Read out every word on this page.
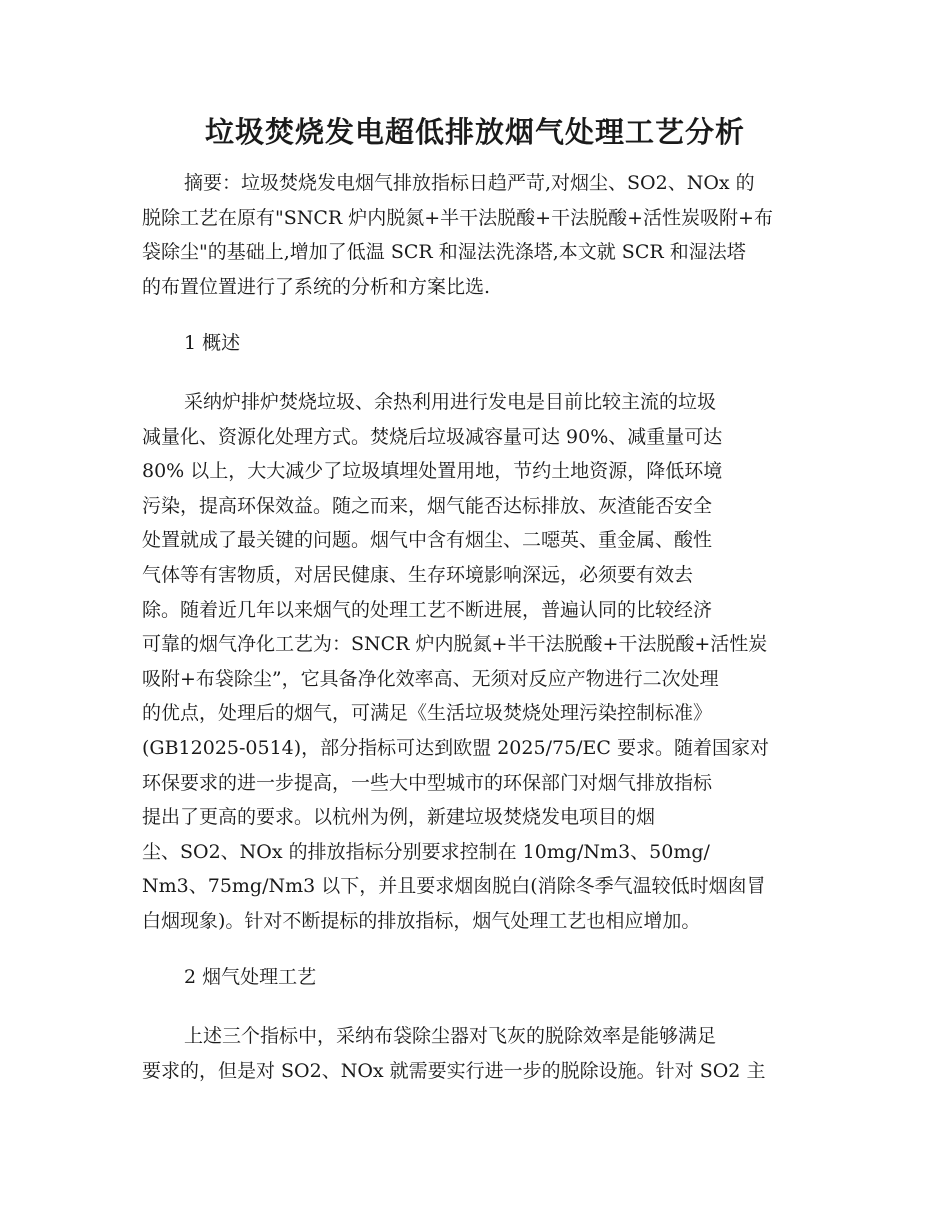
垃圾焚烧发电超低排放烟气处理工艺分析
摘要：垃圾焚烧发电烟气排放指标日趋严苛,对烟尘、SO2、NOx 的
脱除工艺在原有"SNCR 炉内脱氮+半干法脱酸+干法脱酸+活性炭吸附+布
袋除尘"的基础上,增加了低温 SCR 和湿法洗涤塔,本文就 SCR 和湿法塔
的布置位置进行了系统的分析和方案比选.
1 概述
采纳炉排炉焚烧垃圾、余热利用进行发电是目前比较主流的垃圾
减量化、资源化处理方式。焚烧后垃圾减容量可达 90%、减重量可达
80% 以上，大大减少了垃圾填埋处置用地，节约土地资源，降低环境
污染，提高环保效益。随之而来，烟气能否达标排放、灰渣能否安全
处置就成了最关键的问题。烟气中含有烟尘、二噁英、重金属、酸性
气体等有害物质，对居民健康、生存环境影响深远，必须要有效去
除。随着近几年以来烟气的处理工艺不断进展，普遍认同的比较经济
可靠的烟气净化工艺为：SNCR 炉内脱氮+半干法脱酸+干法脱酸+活性炭
吸附+布袋除尘”，它具备净化效率高、无须对反应产物进行二次处理
的优点，处理后的烟气，可满足《生活垃圾焚烧处理污染控制标准》
(GB12025-0514)，部分指标可达到欧盟 2025/75/EC 要求。随着国家对
环保要求的进一步提高，一些大中型城市的环保部门对烟气排放指标
提出了更高的要求。以杭州为例，新建垃圾焚烧发电项目的烟
尘、SO2、NOx 的排放指标分别要求控制在 10mg/Nm3、50mg/
Nm3、75mg/Nm3 以下，并且要求烟囱脱白(消除冬季气温较低时烟囱冒
白烟现象)。针对不断提标的排放指标，烟气处理工艺也相应增加。
2 烟气处理工艺
上述三个指标中，采纳布袋除尘器对飞灰的脱除效率是能够满足
要求的，但是对 SO2、NOx 就需要实行进一步的脱除设施。针对 SO2 主
